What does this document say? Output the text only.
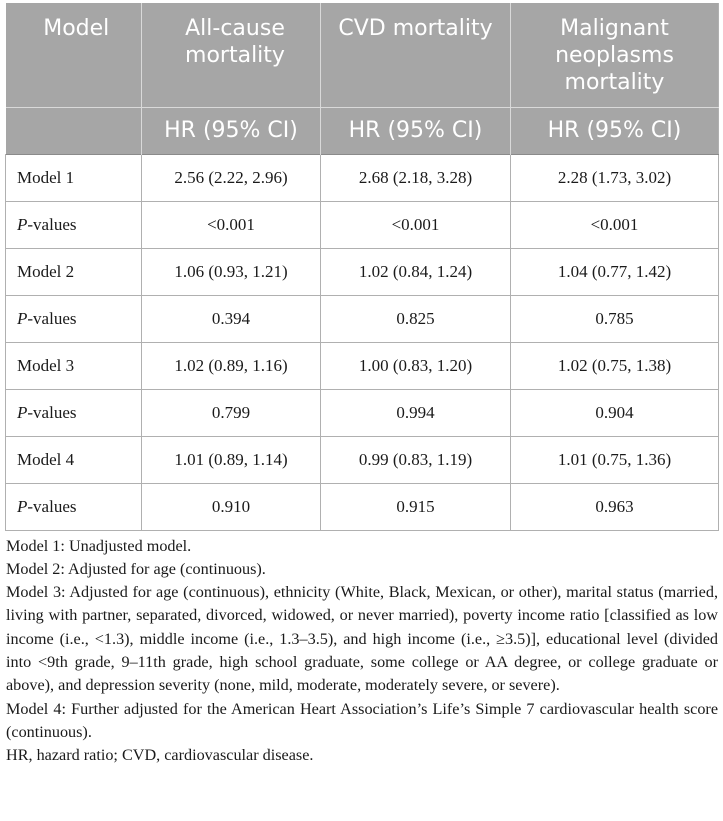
Model	All-cause mortality	CVD mortality	Malignant neoplasms mortality
	HR (95% CI)	HR (95% CI)	HR (95% CI)
Model 1	2.56 (2.22, 2.96)	2.68 (2.18, 3.28)	2.28 (1.73, 3.02)
P-values	<0.001	<0.001	<0.001
Model 2	1.06 (0.93, 1.21)	1.02 (0.84, 1.24)	1.04 (0.77, 1.42)
P-values	0.394	0.825	0.785
Model 3	1.02 (0.89, 1.16)	1.00 (0.83, 1.20)	1.02 (0.75, 1.38)
P-values	0.799	0.994	0.904
Model 4	1.01 (0.89, 1.14)	0.99 (0.83, 1.19)	1.01 (0.75, 1.36)
P-values	0.910	0.915	0.963

Model 1: Unadjusted model.

Model 2: Adjusted for age (continuous).

Model 3: Adjusted for age (continuous), ethnicity (White, Black, Mexican, or other), marital status (married, living with partner, separated, divorced, widowed, or never married), poverty income ratio [classified as low income (i.e., <1.3), middle income (i.e., 1.3–3.5), and high income (i.e., ≥3.5)], educational level (divided into <9th grade, 9–11th grade, high school graduate, some college or AA degree, or college graduate or above), and depression severity (none, mild, moderate, moderately severe, or severe).

Model 4: Further adjusted for the American Heart Association’s Life’s Simple 7 cardiovascular health score (continuous).

HR, hazard ratio; CVD, cardiovascular disease.
